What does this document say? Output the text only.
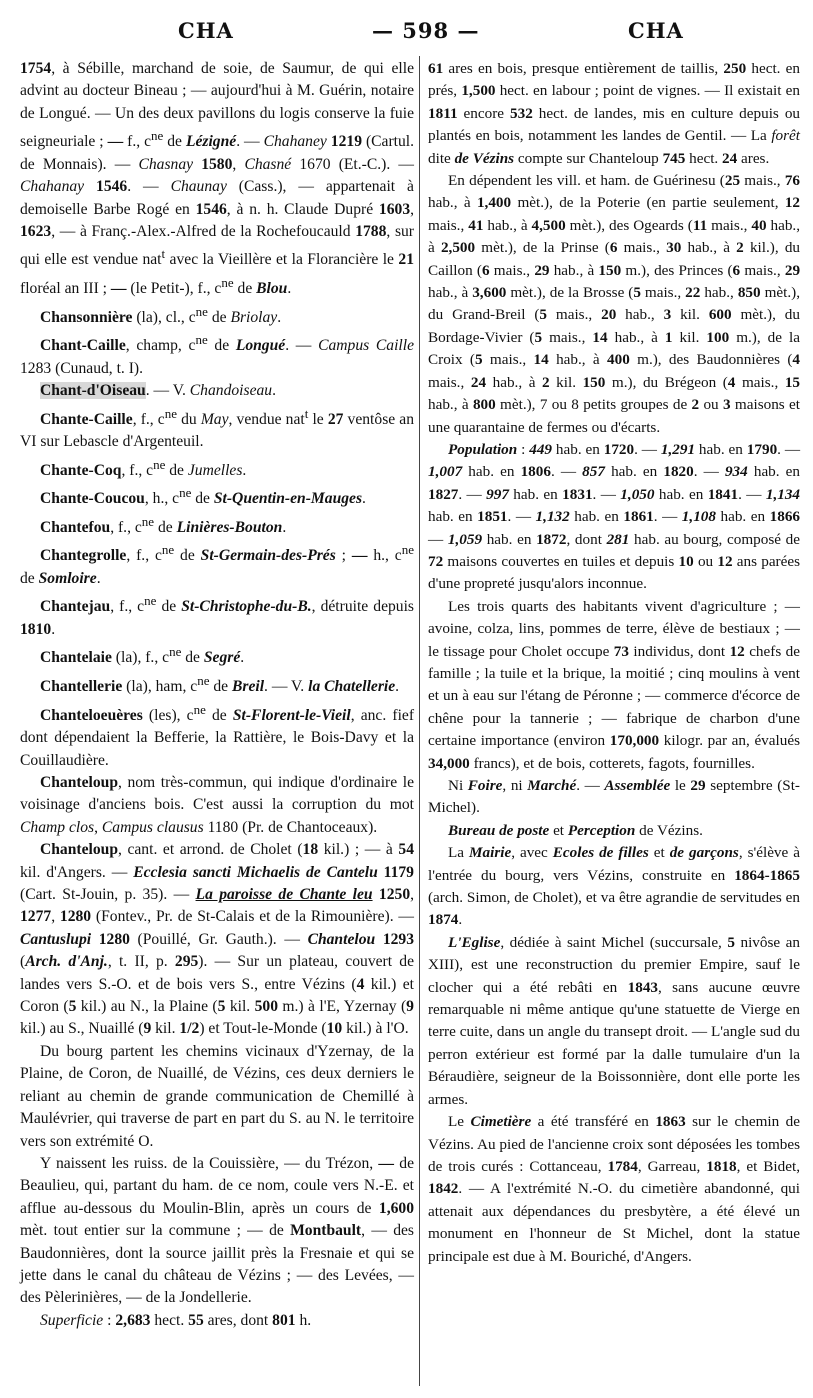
CHA	— 598 —	CHA

1754, à Sébille, marchand de soie, de Saumur, de qui elle advint au docteur Bineau ; — aujourd'hui à M. Guérin, notaire de Longué. — Un des deux pavillons du logis conserve la fuie seigneuriale ; — f., $c^{ne}$ de Lézigné. — Chahaney 1219 (Cartul. de Monnais). — Chasnay 1580, Chasné 1670 (Et.-C.). — Chahanay 1546. — Chaunay (Cass.), — appartenait à demoiselle Barbe Rogé en 1546, à n. h. Claude Dupré 1603, 1623, — à Franç.-Alex.-Alfred de la Rochefoucauld 1788, sur qui elle est vendue nat$^t$ avec la Vieillère et la Florancière le 21 floréal an III ; — (le Petit-), f., $c^{ne}$ de Blou.

Chansonnière (la), cl., $c^{ne}$ de Briolay.

Chant-Caille, champ, $c^{ne}$ de Longué. — Campus Caille 1283 (Cunaud, t. I).

Chant-d'Oiseau. — V. Chandoiseau.

Chante-Caille, f., $c^{ne}$ du May, vendue nat$^t$ le 27 ventôse an VI sur Lebascle d'Argenteuil.

Chante-Coq, f., $c^{ne}$ de Jumelles.

Chante-Coucou, h., $c^{ne}$ de St-Quentin-en-Mauges.

Chantefou, f., $c^{ne}$ de Linières-Bouton.

Chantegrolle, f., $c^{ne}$ de St-Germain-des-Prés ; — h., $c^{ne}$ de Somloire.

Chantejau, f., $c^{ne}$ de St-Christophe-du-B., détruite depuis 1810.

Chantelaie (la), f., $c^{ne}$ de Segré.

Chantellerie (la), ham, $c^{ne}$ de Breil. — V. la Chatellerie.

Chanteloeuères (les), $c^{ne}$ de St-Florent-le-Vieil, anc. fief dont dépendaient la Befferie, la Rattière, le Bois-Davy et la Couillaudière.

Chanteloup, nom très-commun, qui indique d'ordinaire le voisinage d'anciens bois. C'est aussi la corruption du mot Champ clos, Campus clausus 1180 (Pr. de Chantoceaux).

Chanteloup, cant. et arrond. de Cholet (18 kil.) ; — à 54 kil. d'Angers. — Ecclesia sancti Michaelis de Cantelu 1179 (Cart. St-Jouin, p. 35). — La paroisse de Chante leu 1250, 1277, 1280 (Fontev., Pr. de St-Calais et de la Rimounière). — Cantuslupi 1280 (Pouillé, Gr. Gauth.). — Chantelou 1293 (Arch. d'Anj., t. II, p. 295). — Sur un plateau, couvert de landes vers S.-O. et de bois vers S., entre Vézins (4 kil.) et Coron (5 kil.) au N., la Plaine (5 kil. 500 m.) à l'E, Yzernay (9 kil.) au S., Nuaillé (9 kil. 1/2) et Tout-le-Monde (10 kil.) à l'O.

Du bourg partent les chemins vicinaux d'Yzernay, de la Plaine, de Coron, de Nuaillé, de Vézins, ces deux derniers le reliant au chemin de grande communication de Chemillé à Maulévrier, qui traverse de part en part du S. au N. le territoire vers son extrémité O.

Y naissent les ruiss. de la Couissière, — du Trézon, — de Beaulieu, qui, partant du ham. de ce nom, coule vers N.-E. et afflue au-dessous du Moulin-Blin, après un cours de 1,600 mèt. tout entier sur la commune ; — de Montbault, — des Baudonnières, dont la source jaillit près la Fresnaie et qui se jette dans le canal du château de Vézins ; — des Levées, — des Pèlerinières, — de la Jondellerie.

Superficie : 2,683 hect. 55 ares, dont 801 h.

61 ares en bois, presque entièrement de taillis, 250 hect. en prés, 1,500 hect. en labour ; point de vignes. — Il existait en 1811 encore 532 hect. de landes, mis en culture depuis ou plantés en bois, notamment les landes de Gentil. — La forêt dite de Vézins compte sur Chanteloup 745 hect. 24 ares.

En dépendent les vill. et ham. de Guérinesu (25 mais., 76 hab., à 1,400 mèt.), de la Poterie (en partie seulement, 12 mais., 41 hab., à 4,500 mèt.), des Ogeards (11 mais., 40 hab., à 2,500 mèt.), de la Prinse (6 mais., 30 hab., à 2 kil.), du Caillon (6 mais., 29 hab., à 150 m.), des Princes (6 mais., 29 hab., à 3,600 mèt.), de la Brosse (5 mais., 22 hab., 850 mèt.), du Grand-Breil (5 mais., 20 hab., 3 kil. 600 mèt.), du Bordage-Vivier (5 mais., 14 hab., à 1 kil. 100 m.), de la Croix (5 mais., 14 hab., à 400 m.), des Baudonnières (4 mais., 24 hab., à 2 kil. 150 m.), du Brégeon (4 mais., 15 hab., à 800 mèt.), 7 ou 8 petits groupes de 2 ou 3 maisons et une quarantaine de fermes ou d'écarts.

Population : 449 hab. en 1720. — 1,291 hab. en 1790. — 1,007 hab. en 1806. — 857 hab. en 1820. — 934 hab. en 1827. — 997 hab. en 1831. — 1,050 hab. en 1841. — 1,134 hab. en 1851. — 1,132 hab. en 1861. — 1,108 hab. en 1866 — 1,059 hab. en 1872, dont 281 hab. au bourg, composé de 72 maisons couvertes en tuiles et depuis 10 ou 12 ans parées d'une propreté jusqu'alors inconnue.

Les trois quarts des habitants vivent d'agriculture ; — avoine, colza, lins, pommes de terre, élève de bestiaux ; — le tissage pour Cholet occupe 73 individus, dont 12 chefs de famille ; la tuile et la brique, la moitié ; cinq moulins à vent et un à eau sur l'étang de Péronne ; — commerce d'écorce de chêne pour la tannerie ; — fabrique de charbon d'une certaine importance (environ 170,000 kilogr. par an, évalués 34,000 francs), et de bois, cotterets, fagots, fournilles.

Ni Foire, ni Marché. — Assemblée le 29 septembre (St-Michel).

Bureau de poste et Perception de Vézins.

La Mairie, avec Ecoles de filles et de garçons, s'élève à l'entrée du bourg, vers Vézins, construite en 1864-1865 (arch. Simon, de Cholet), et va être agrandie de servitudes en 1874.

L'Eglise, dédiée à saint Michel (succursale, 5 nivôse an XIII), est une reconstruction du premier Empire, sauf le clocher qui a été rebâti en 1843, sans aucune œuvre remarquable ni même antique qu'une statuette de Vierge en terre cuite, dans un angle du transept droit. — L'angle sud du perron extérieur est formé par la dalle tumulaire d'un la Béraudière, seigneur de la Boissonnière, dont elle porte les armes.

Le Cimetière a été transféré en 1863 sur le chemin de Vézins. Au pied de l'ancienne croix sont déposées les tombes de trois curés : Cottanceau, 1784, Garreau, 1818, et Bidet, 1842. — A l'extrémité N.-O. du cimetière abandonné, qui attenait aux dépendances du presbytère, a été élevé un monument en l'honneur de St Michel, dont la statue principale est due à M. Bouriché, d'Angers.
